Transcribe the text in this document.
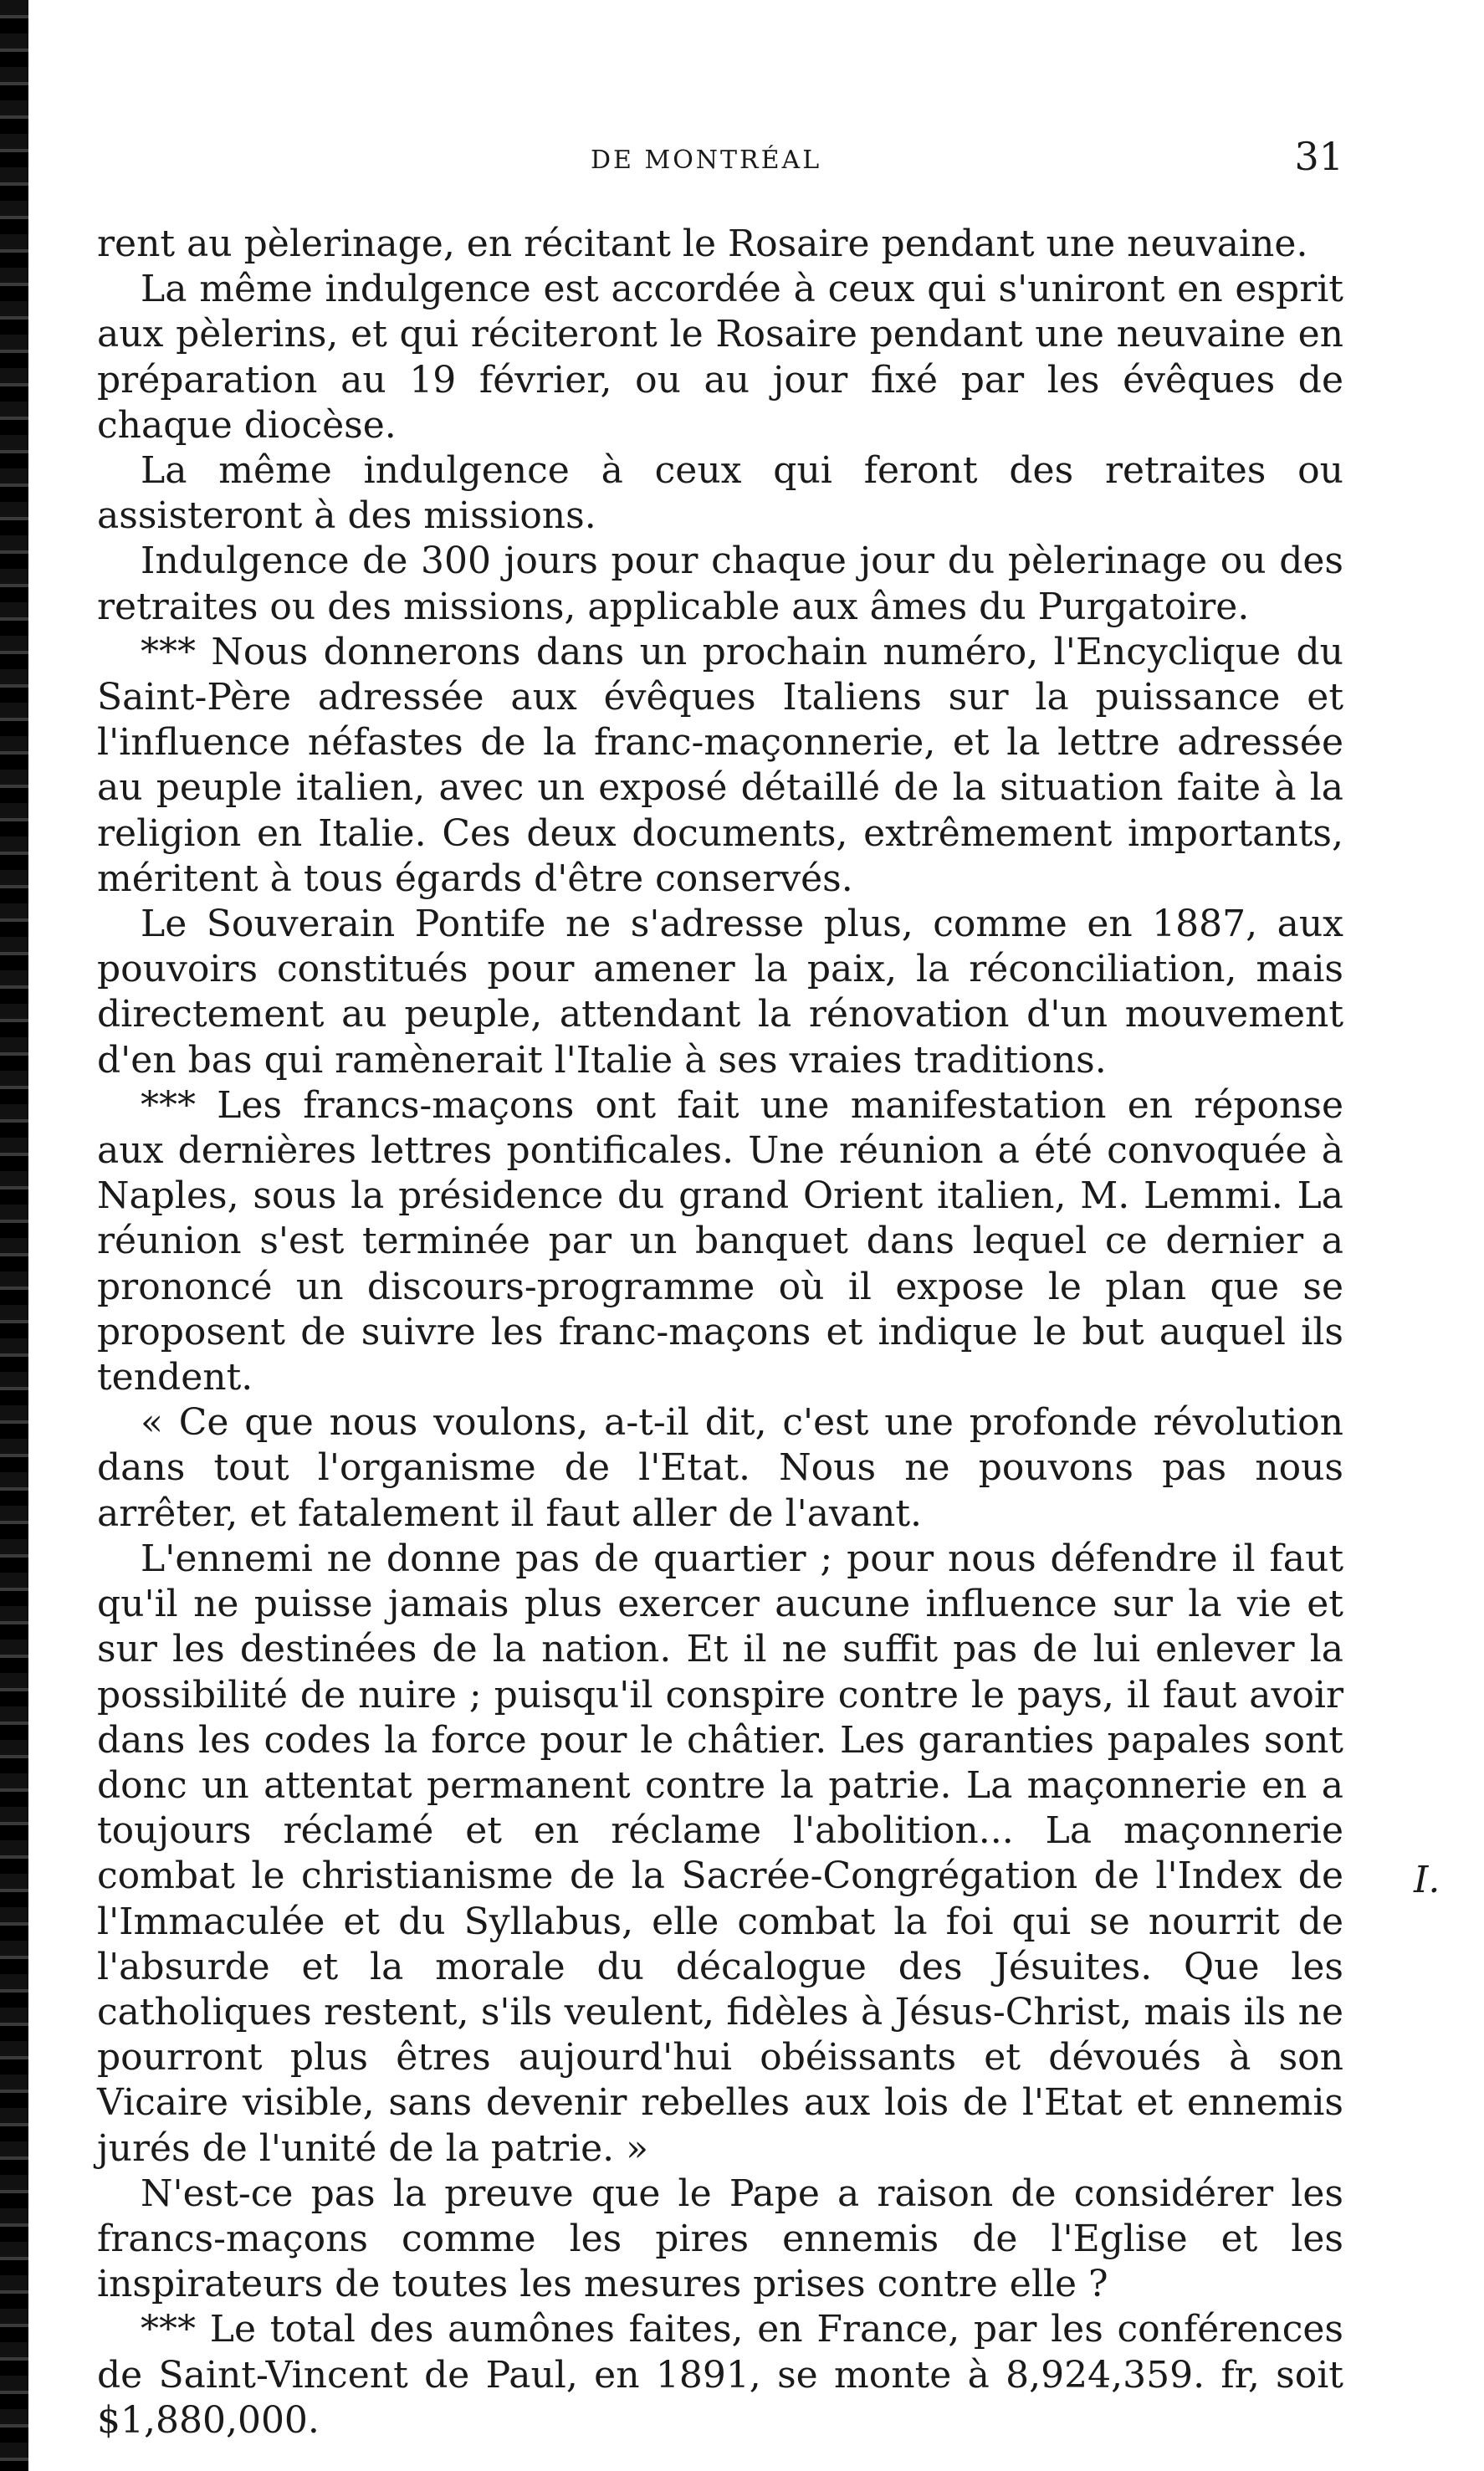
DE MONTRÉAL	31

rent au pèlerinage, en récitant le Rosaire pendant une neuvaine.

La même indulgence est accordée à ceux qui s'uniront en esprit aux pèlerins, et qui réciteront le Rosaire pendant une neuvaine en préparation au 19 février, ou au jour fixé par les évêques de chaque diocèse.

La même indulgence à ceux qui feront des retraites ou assisteront à des missions.

Indulgence de 300 jours pour chaque jour du pèlerinage ou des retraites ou des missions, applicable aux âmes du Purgatoire.

*** Nous donnerons dans un prochain numéro, l'Encyclique du Saint-Père adressée aux évêques Italiens sur la puissance et l'influence néfastes de la franc-maçonnerie, et la lettre adressée au peuple italien, avec un exposé détaillé de la situation faite à la religion en Italie. Ces deux documents, extrêmement importants, méritent à tous égards d'être conservés.

Le Souverain Pontife ne s'adresse plus, comme en 1887, aux pouvoirs constitués pour amener la paix, la réconciliation, mais directement au peuple, attendant la rénovation d'un mouvement d'en bas qui ramènerait l'Italie à ses vraies traditions.

*** Les francs-maçons ont fait une manifestation en réponse aux dernières lettres pontificales. Une réunion a été convoquée à Naples, sous la présidence du grand Orient italien, M. Lemmi. La réunion s'est terminée par un banquet dans lequel ce dernier a prononcé un discours-programme où il expose le plan que se proposent de suivre les franc-maçons et indique le but auquel ils tendent.

« Ce que nous voulons, a-t-il dit, c'est une profonde révolution dans tout l'organisme de l'Etat. Nous ne pouvons pas nous arrêter, et fatalement il faut aller de l'avant.

L'ennemi ne donne pas de quartier ; pour nous défendre il faut qu'il ne puisse jamais plus exercer aucune influence sur la vie et sur les destinées de la nation. Et il ne suffit pas de lui enlever la possibilité de nuire ; puisqu'il conspire contre le pays, il faut avoir dans les codes la force pour le châtier. Les garanties papales sont donc un attentat permanent contre la patrie. La maçonnerie en a toujours réclamé et en réclame l'abolition... La maçonnerie combat le christianisme de la Sacrée-Congrégation de l'Index de l'Immaculée et du Syllabus, elle combat la foi qui se nourrit de l'absurde et la morale du décalogue des Jésuites. Que les catholiques restent, s'ils veulent, fidèles à Jésus-Christ, mais ils ne pourront plus êtres aujourd'hui obéissants et dévoués à son Vicaire visible, sans devenir rebelles aux lois de l'Etat et ennemis jurés de l'unité de la patrie. »

N'est-ce pas la preuve que le Pape a raison de considérer les francs-maçons comme les pires ennemis de l'Eglise et les inspirateurs de toutes les mesures prises contre elle ?

*** Le total des aumônes faites, en France, par les conférences de Saint-Vincent de Paul, en 1891, se monte à 8,924,359. fr, soit $1,880,000.

I.
